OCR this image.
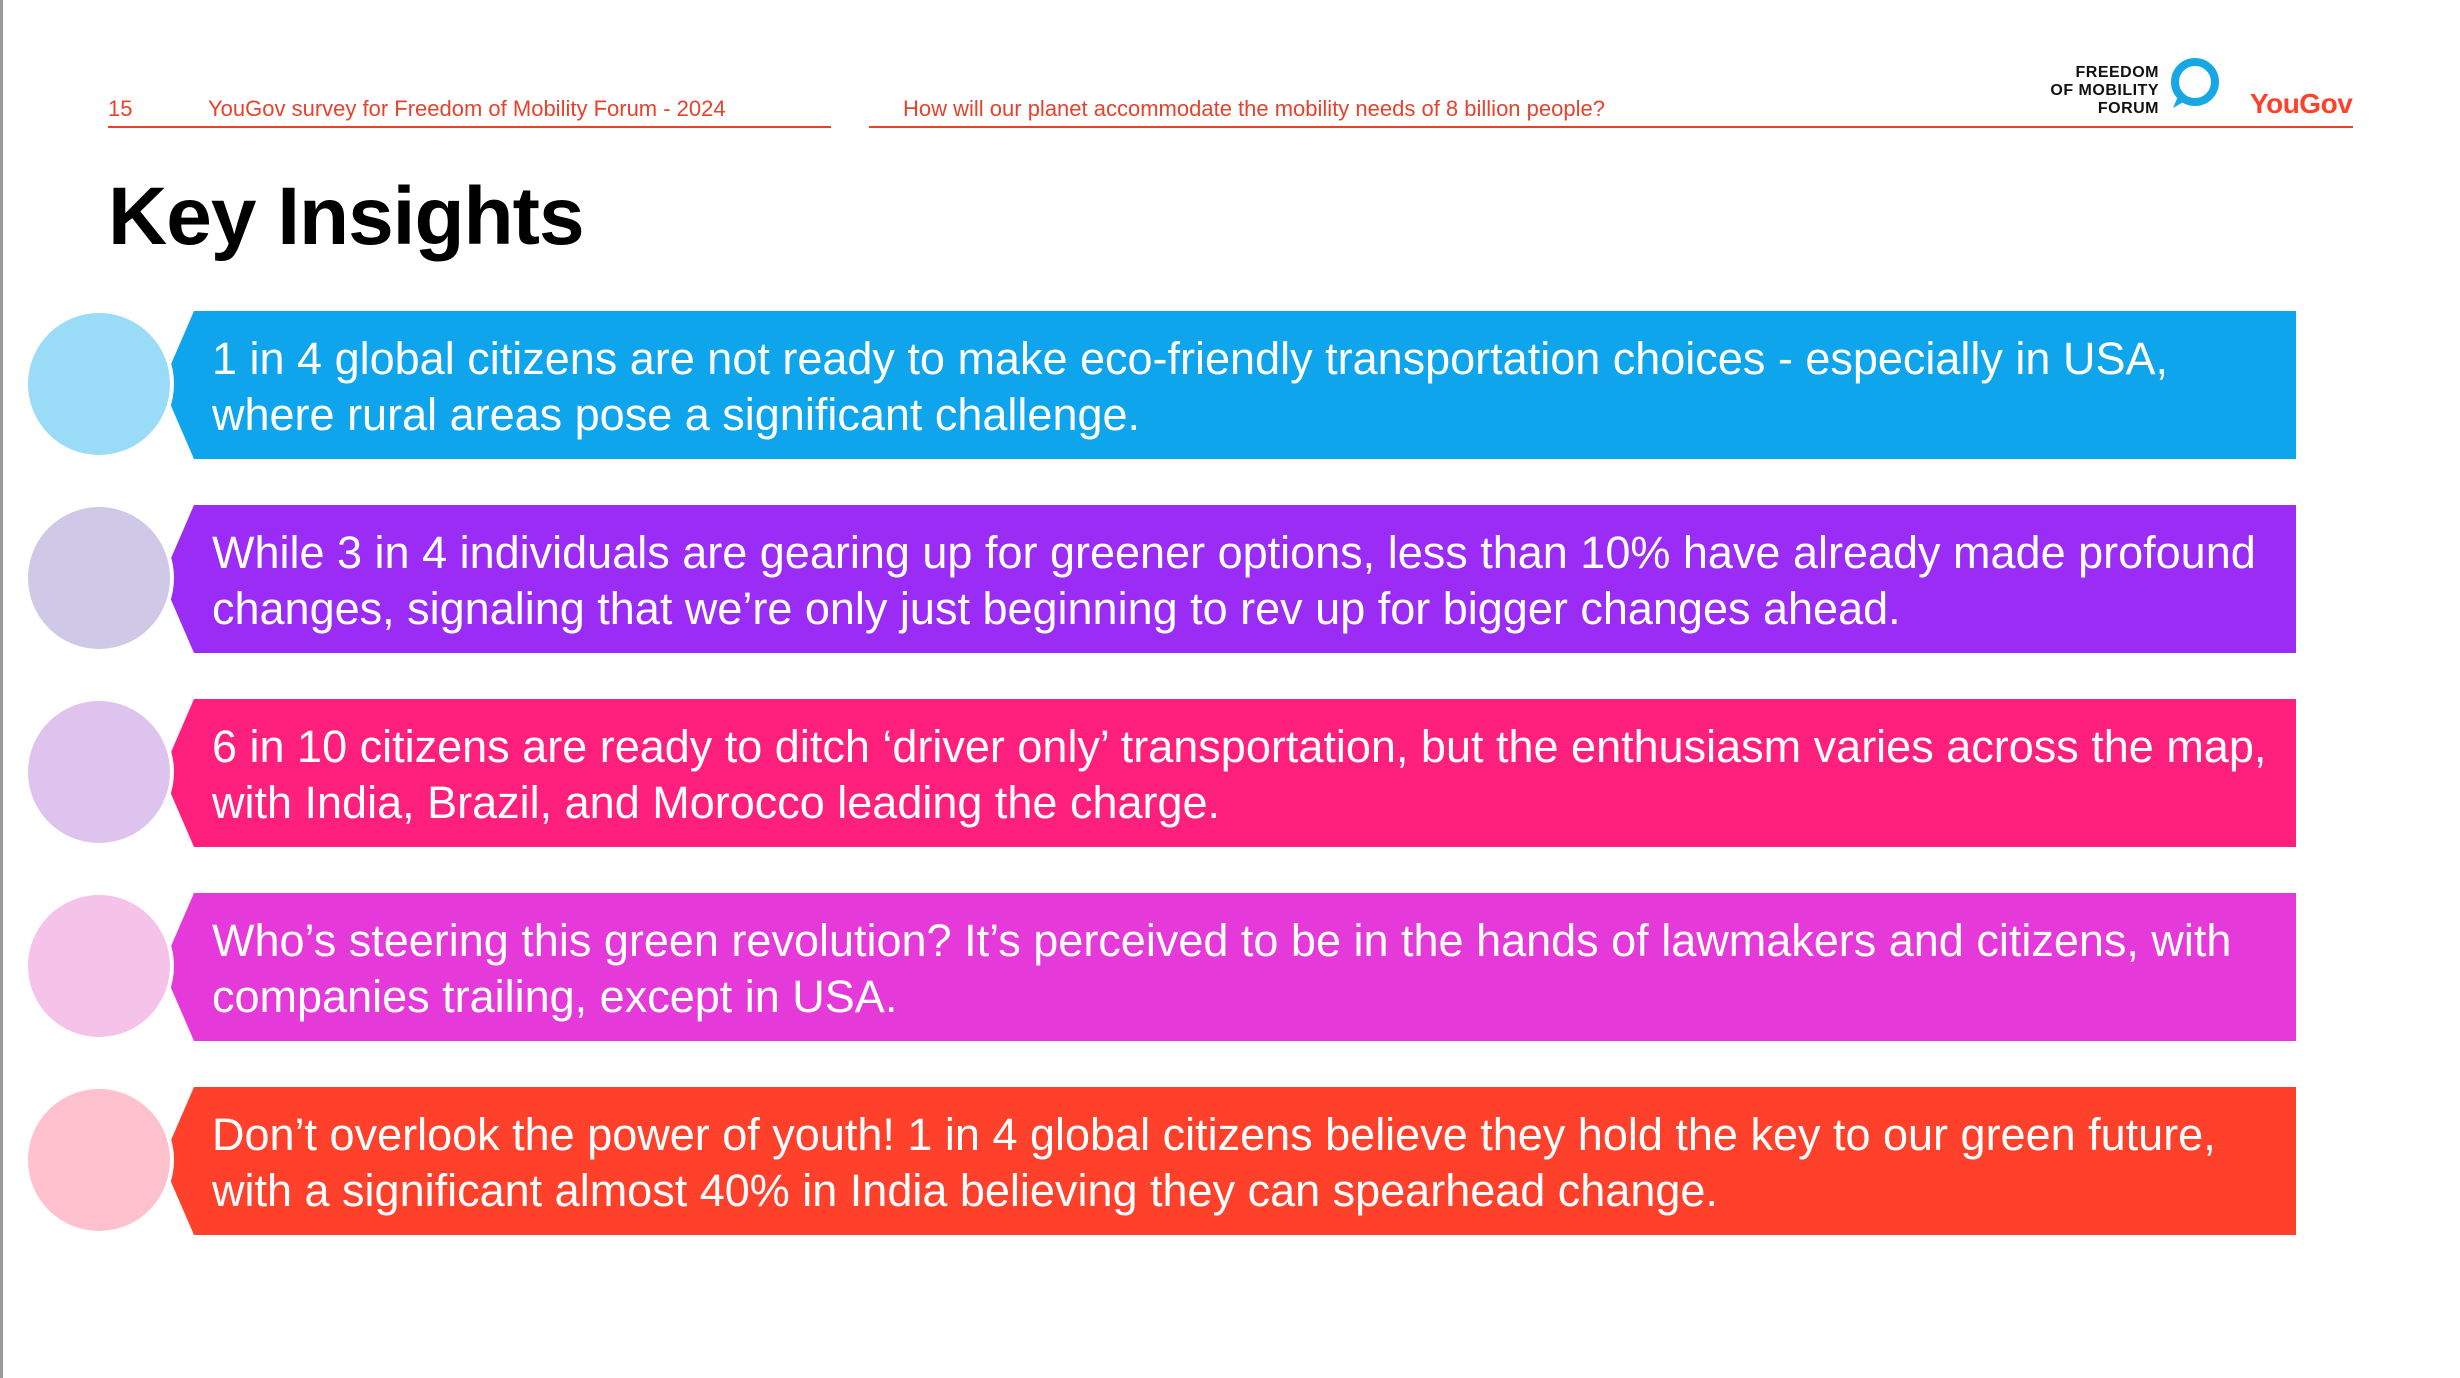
15	YouGov survey for Freedom of Mobility Forum - 2024	How will our planet accommodate the mobility needs of 8 billion people?
FREEDOM
OF MOBILITY
FORUM	YouGov
Key Insights
1 in 4 global citizens are not ready to make eco-friendly transportation choices - especially in USA, where rural areas pose a significant challenge.
While 3 in 4 individuals are gearing up for greener options, less than 10% have already made profound changes, signaling that we’re only just beginning to rev up for bigger changes ahead.
6 in 10 citizens are ready to ditch ‘driver only’ transportation, but the enthusiasm varies across the map, with India, Brazil, and Morocco leading the charge.
Who’s steering this green revolution? It’s perceived to be in the hands of lawmakers and citizens, with companies trailing, except in USA.
Don’t overlook the power of youth! 1 in 4 global citizens believe they hold the key to our green future, with a significant almost 40% in India believing they can spearhead change.
